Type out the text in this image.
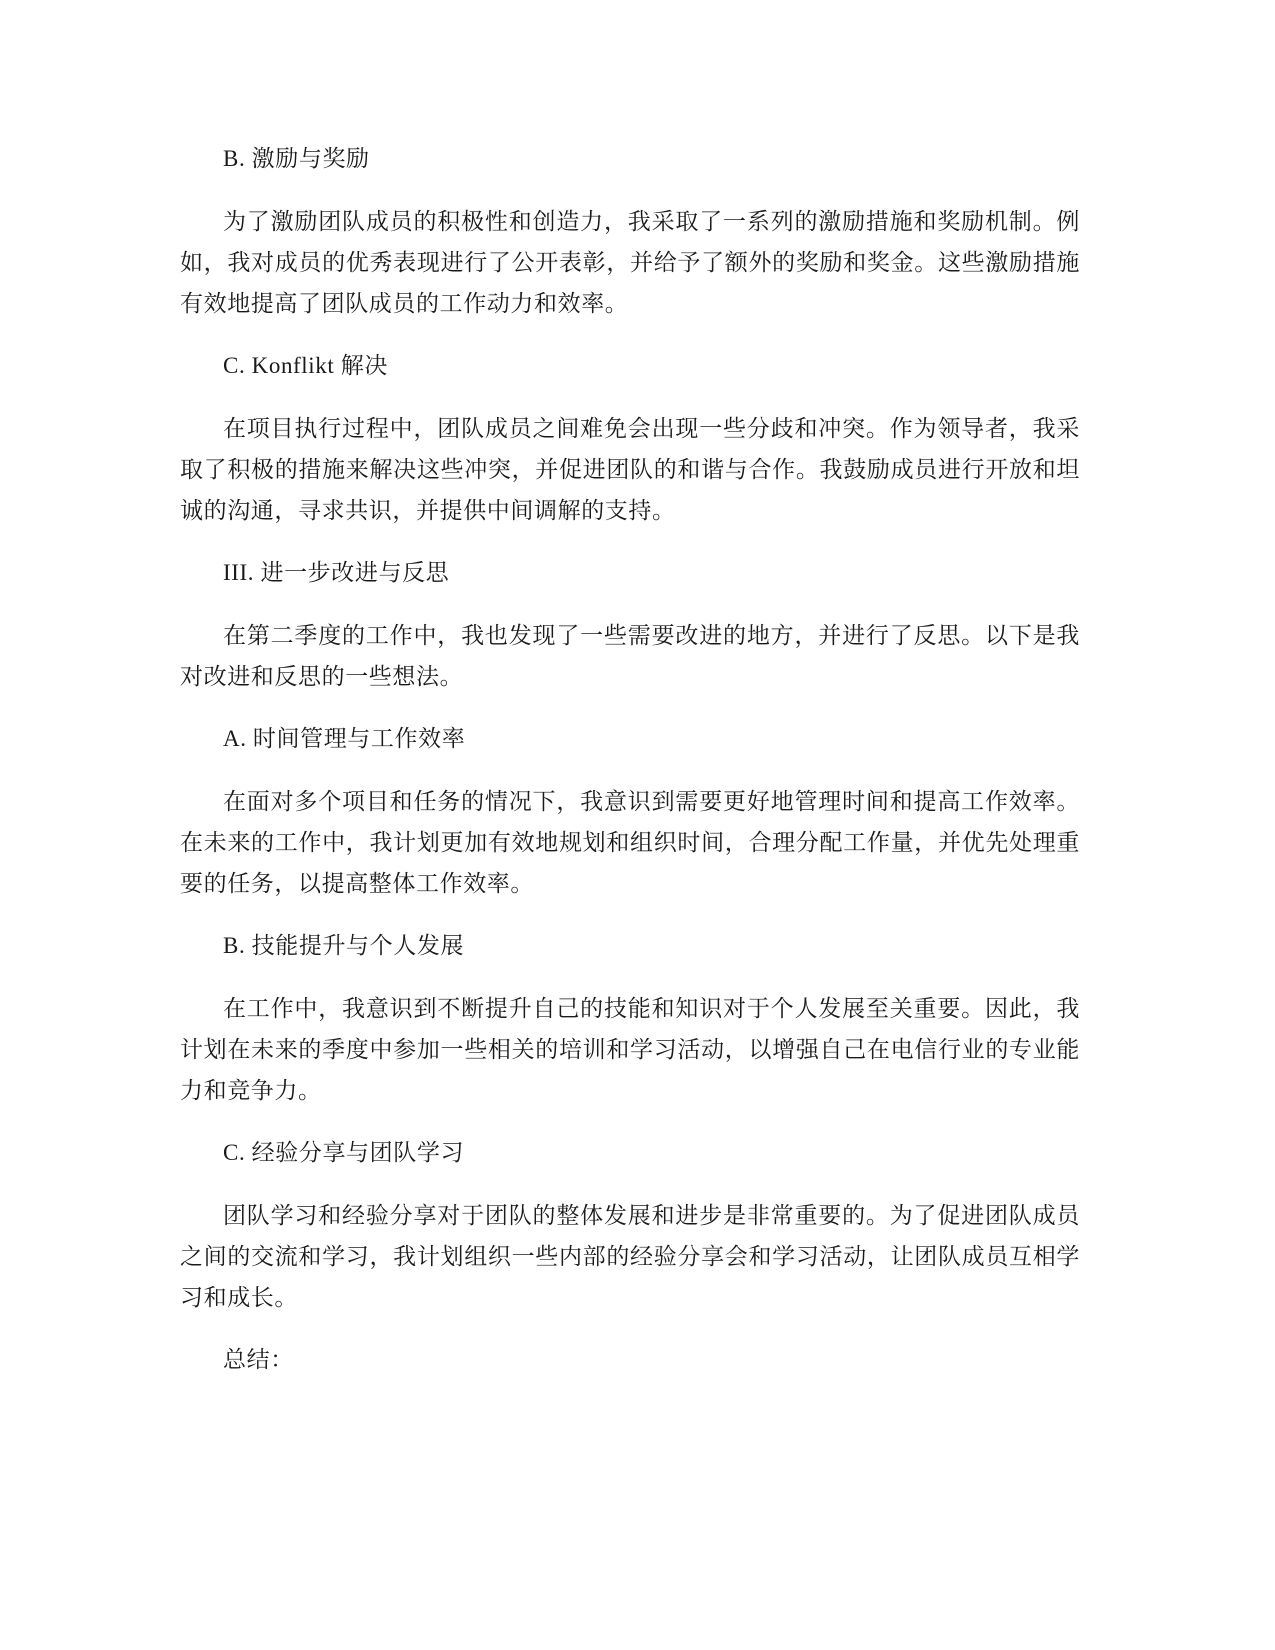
B. 激励与奖励

为了激励团队成员的积极性和创造力，我采取了一系列的激励措施和奖励机制。例如，我对成员的优秀表现进行了公开表彰，并给予了额外的奖励和奖金。这些激励措施有效地提高了团队成员的工作动力和效率。

C. Konflikt 解决

在项目执行过程中，团队成员之间难免会出现一些分歧和冲突。作为领导者，我采取了积极的措施来解决这些冲突，并促进团队的和谐与合作。我鼓励成员进行开放和坦诚的沟通，寻求共识，并提供中间调解的支持。

III. 进一步改进与反思

在第二季度的工作中，我也发现了一些需要改进的地方，并进行了反思。以下是我对改进和反思的一些想法。

A. 时间管理与工作效率

在面对多个项目和任务的情况下，我意识到需要更好地管理时间和提高工作效率。在未来的工作中，我计划更加有效地规划和组织时间，合理分配工作量，并优先处理重要的任务，以提高整体工作效率。

B. 技能提升与个人发展

在工作中，我意识到不断提升自己的技能和知识对于个人发展至关重要。因此，我计划在未来的季度中参加一些相关的培训和学习活动，以增强自己在电信行业的专业能力和竞争力。

C. 经验分享与团队学习

团队学习和经验分享对于团队的整体发展和进步是非常重要的。为了促进团队成员之间的交流和学习，我计划组织一些内部的经验分享会和学习活动，让团队成员互相学习和成长。

总结：
